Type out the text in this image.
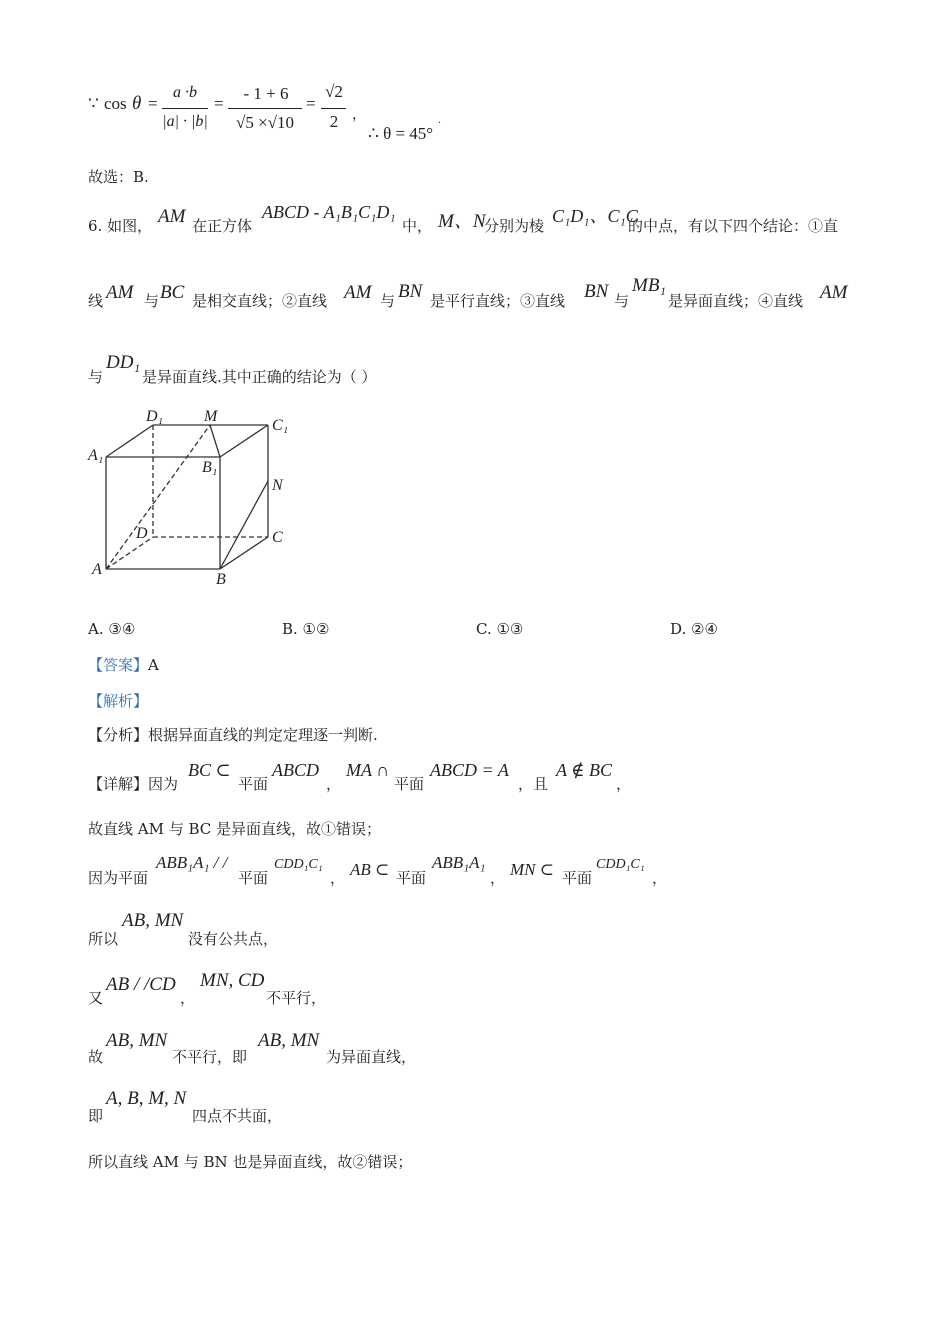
∵ cos θ =
a ·b
|a| · |b|
=
- 1 + 6
√5 ×√10
=
√2
2 ，
∴ θ = 45°
.
故选：B.
6. 如图， AM 在正方体
ABCD - A₁B₁C₁D₁
中， M、N
分别为棱 C₁D₁、C₁C
的中点，有以下四个结论：①直
线 AM 与 BC 是相交直线；②直线 AM 与 BN 是平行直线；③直线 BN 与
MB₁
是异面直线；④直线 AM
与
DD₁
是异面直线.其中正确的结论为（ ）
D₁	M
C₁
A₁
B₁
N
D	C
A
B
A. ③④	B. ①②	C. ①③	D. ②④
【答案】A
【解析】
【分析】根据异面直线的判定定理逐一判断.
【详解】因为
BC ⊂
平面
ABCD
，
MA ∩
平面
ABCD = A
，且
A ∉ BC
，
故直线 AM 与 BC 是异面直线，故①错误；
因为平面
ABB₁A₁ / /
平面
CDD₁C₁
， AB ⊂ 平面
ABB₁A₁
， MN ⊂ 平面
CDD₁C₁
，
所以
AB, MN
没有公共点，
又
AB / /CD
，
MN, CD
不平行，
故
AB, MN
不平行，即
AB, MN
为异面直线，
即
A, B, M, N
四点不共面，
所以直线 AM 与 BN 也是异面直线，故②错误；
